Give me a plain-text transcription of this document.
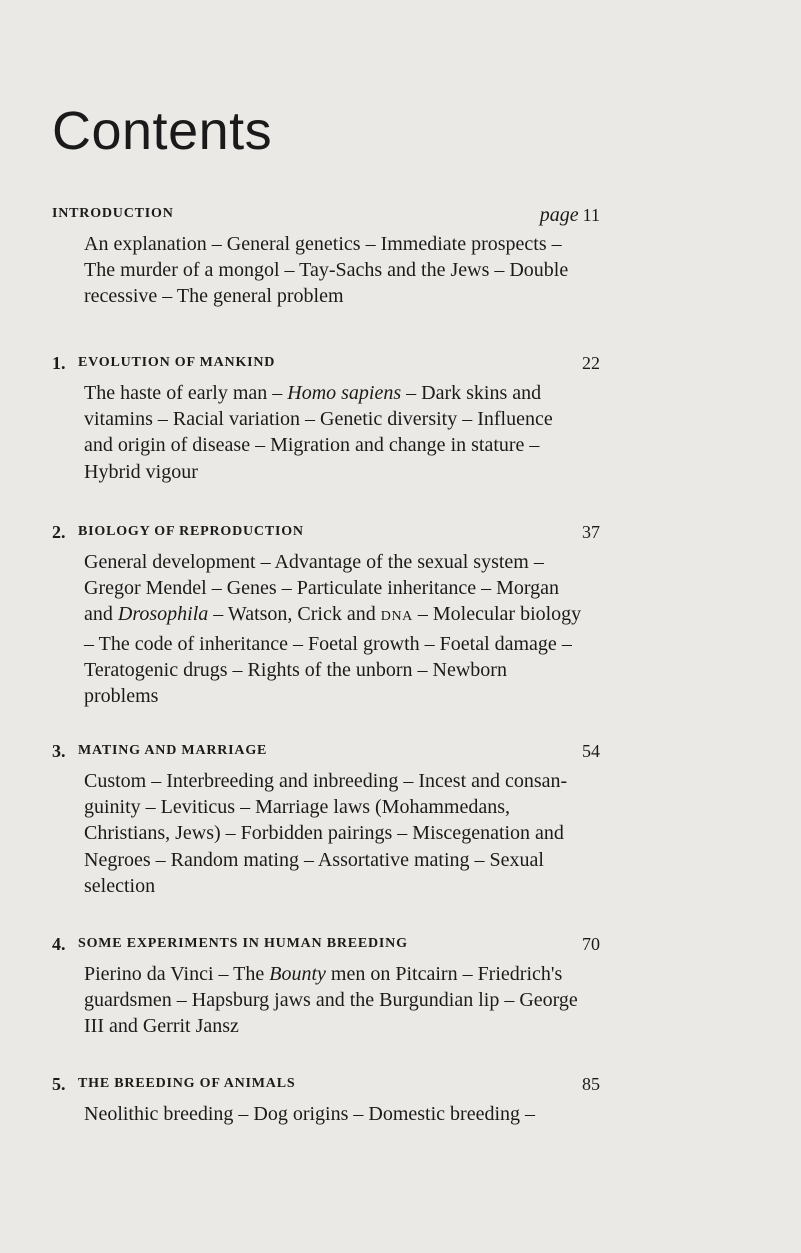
Contents
INTRODUCTION	page 11
An explanation – General genetics – Immediate prospects – The murder of a mongol – Tay-Sachs and the Jews – Double recessive – The general problem
1. EVOLUTION OF MANKIND	22
The haste of early man – Homo sapiens – Dark skins and vitamins – Racial variation – Genetic diversity – Influence and origin of disease – Migration and change in stature – Hybrid vigour
2. BIOLOGY OF REPRODUCTION	37
General development – Advantage of the sexual system – Gregor Mendel – Genes – Particulate inheritance – Morgan and Drosophila – Watson, Crick and DNA – Molecular biology – The code of inheritance – Foetal growth – Foetal damage – Teratogenic drugs – Rights of the unborn – Newborn problems
3. MATING AND MARRIAGE	54
Custom – Interbreeding and inbreeding – Incest and consan-guinity – Leviticus – Marriage laws (Mohammedans, Christians, Jews) – Forbidden pairings – Miscegenation and Negroes – Random mating – Assortative mating – Sexual selection
4. SOME EXPERIMENTS IN HUMAN BREEDING	70
Pierino da Vinci – The Bounty men on Pitcairn – Friedrich's guardsmen – Hapsburg jaws and the Burgundian lip – George III and Gerrit Jansz
5. THE BREEDING OF ANIMALS	85
Neolithic breeding – Dog origins – Domestic breeding –
